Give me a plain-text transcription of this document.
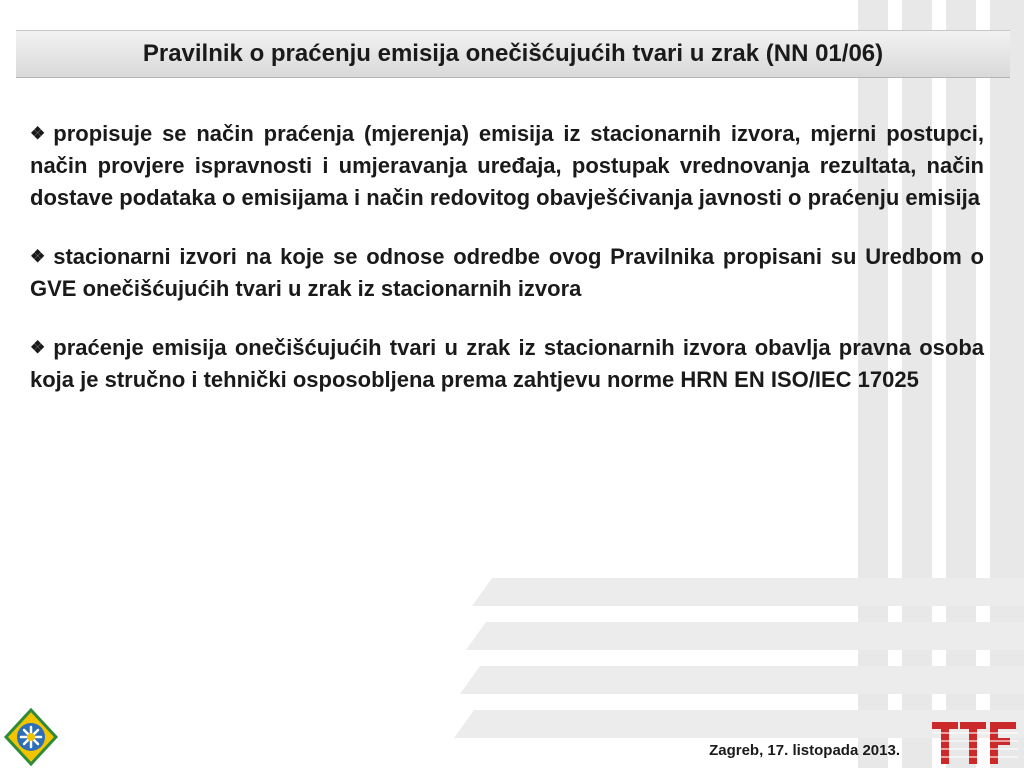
Pravilnik o praćenju emisija onečišćujućih tvari u zrak (NN 01/06)

❖ propisuje se način praćenja (mjerenja) emisija iz stacionarnih izvora, mjerni postupci, način provjere ispravnosti i umjeravanja uređaja, postupak vrednovanja rezultata, način dostave podataka o emisijama i način redovitog obavješćivanja javnosti o praćenju emisija

❖ stacionarni izvori na koje se odnose odredbe ovog Pravilnika propisani su Uredbom o GVE onečišćujućih tvari u zrak iz stacionarnih izvora

❖ praćenje emisija onečišćujućih tvari u zrak iz stacionarnih izvora obavlja pravna osoba koja je stručno i tehnički osposobljena prema zahtjevu norme HRN EN ISO/IEC 17025

Zagreb, 17. listopada 2013.
